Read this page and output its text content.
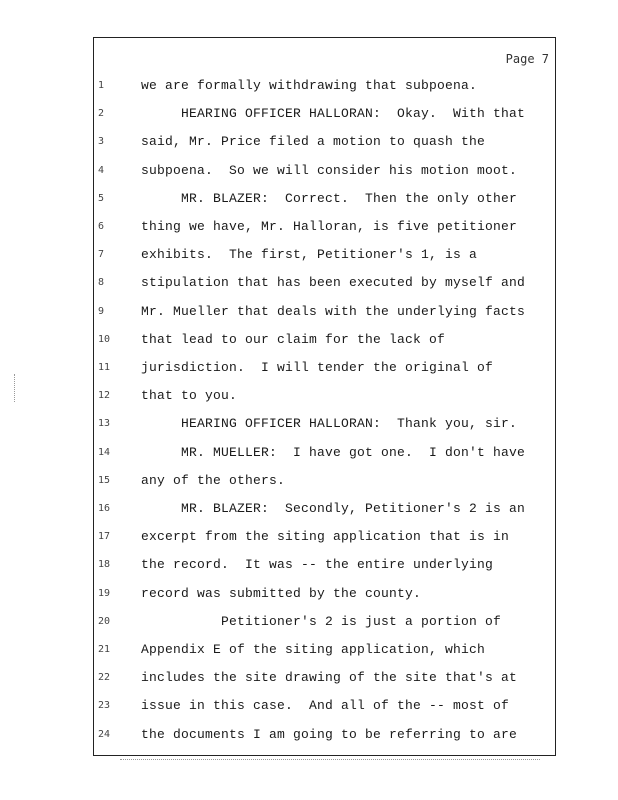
Page 7
1	we are formally withdrawing that subpoena.
2	HEARING OFFICER HALLORAN:  Okay.  With that
3	said, Mr. Price filed a motion to quash the
4	subpoena.  So we will consider his motion moot.
5	MR. BLAZER:  Correct.  Then the only other
6	thing we have, Mr. Halloran, is five petitioner
7	exhibits.  The first, Petitioner's 1, is a
8	stipulation that has been executed by myself and
9	Mr. Mueller that deals with the underlying facts
10	that lead to our claim for the lack of
11	jurisdiction.  I will tender the original of
12	that to you.
13	HEARING OFFICER HALLORAN:  Thank you, sir.
14	MR. MUELLER:  I have got one.  I don't have
15	any of the others.
16	MR. BLAZER:  Secondly, Petitioner's 2 is an
17	excerpt from the siting application that is in
18	the record.  It was -- the entire underlying
19	record was submitted by the county.
20	Petitioner's 2 is just a portion of
21	Appendix E of the siting application, which
22	includes the site drawing of the site that's at
23	issue in this case.  And all of the -- most of
24	the documents I am going to be referring to are
